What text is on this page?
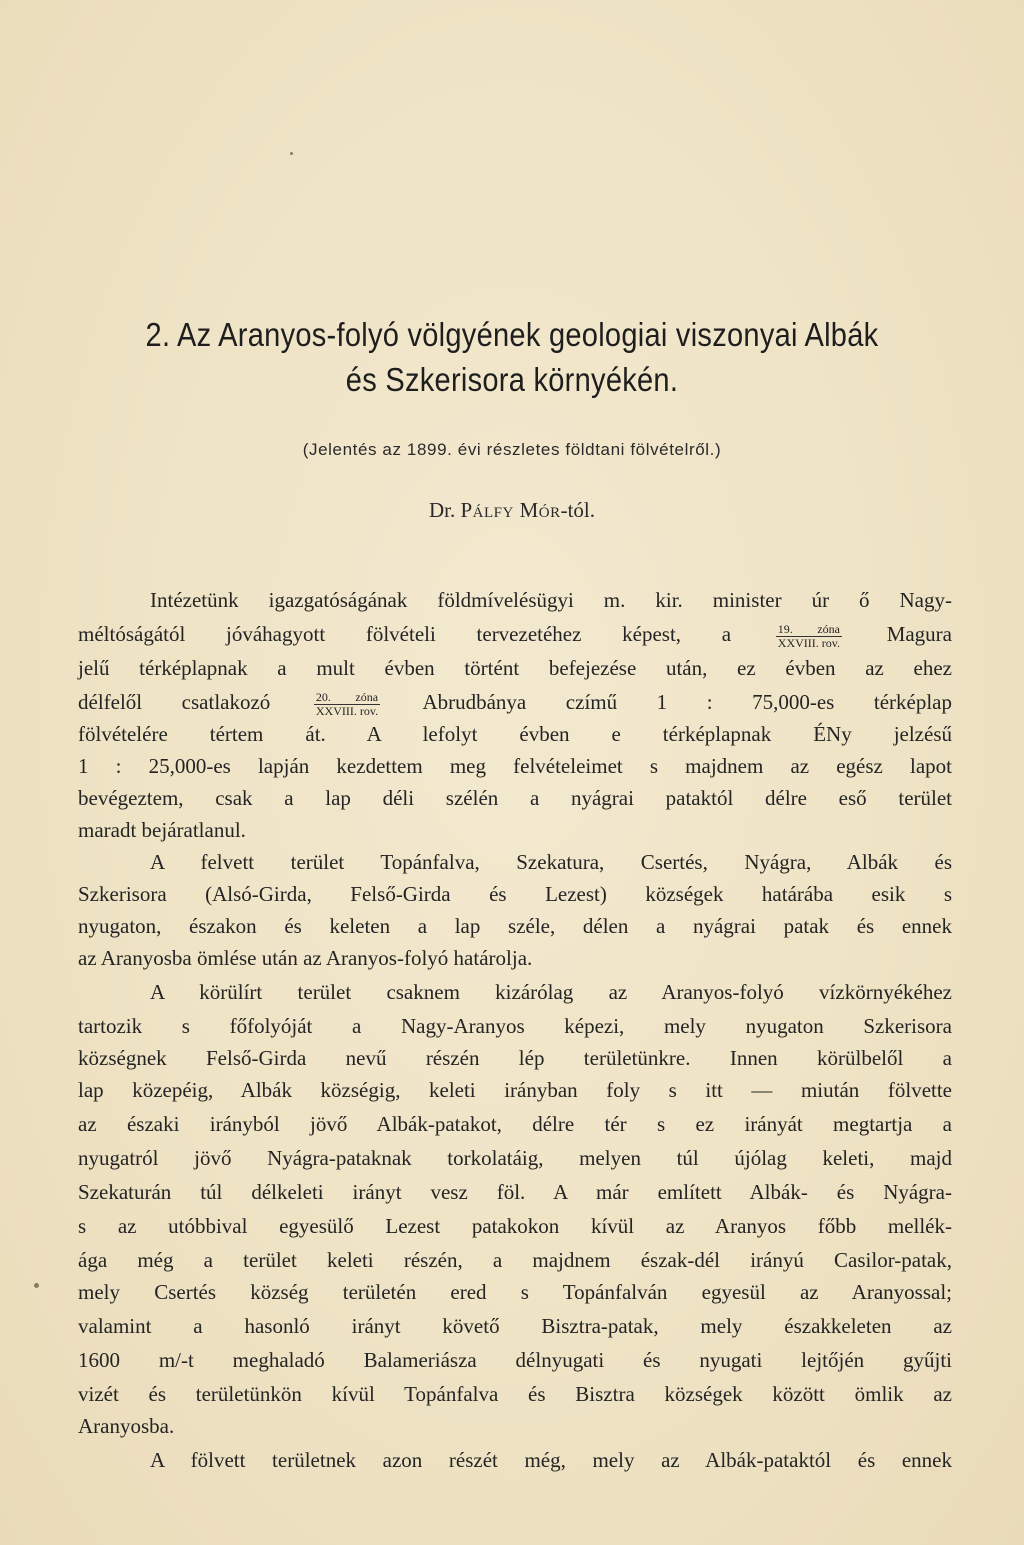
2. Az Aranyos-folyó völgyének geologiai viszonyai Albák
és Szkerisora környékén.
(Jelentés az 1899. évi részletes földtani fölvételről.)
Dr. Pálfy Mór-tól.
Intézetünk igazgatóságának földmívelésügyi m. kir. minister úr ő Nagy-
méltóságától jóváhagyott fölvételi tervezetéhez képest, a	$\frac{\text{19. zóna}}{\text{XXVIII. rov.}}$ Magura
jelű térképlapnak a mult évben történt befejezése után, ez évben az ehez
délfelől csatlakozó	$\frac{\text{20. zóna}}{\text{XXVIII. rov.}}$ Abrudbánya czímű 1 : 75,000-es térképlap
fölvételére tértem át. A lefolyt évben e térképlapnak ÉNy jelzésű
1 : 25,000-es lapján kezdettem meg felvételeimet s majdnem az egész lapot
bevégeztem, csak a lap déli szélén a nyágrai pataktól délre eső terület
maradt bejáratlanul.
A felvett terület Topánfalva, Szekatura, Csertés, Nyágra, Albák és
Szkerisora (Alsó-Girda, Felső-Girda és Lezest) községek határába esik s
nyugaton, északon és keleten a lap széle, délen a nyágrai patak és ennek
az Aranyosba ömlése után az Aranyos-folyó határolja.
A körülírt terület csaknem kizárólag az Aranyos-folyó vízkörnyékéhez
tartozik s főfolyóját a Nagy-Aranyos képezi, mely nyugaton Szkerisora
községnek Felső-Girda nevű részén lép területünkre. Innen körülbelől a
lap közepéig, Albák községig, keleti irányban foly s itt — miután fölvette
az északi irányból jövő Albák-patakot, délre tér s ez irányát megtartja a
nyugatról jövő Nyágra-pataknak torkolatáig, melyen túl újólag keleti, majd
Szekaturán túl délkeleti irányt vesz föl. A már említett Albák- és Nyágra-
s az utóbbival egyesülő Lezest patakokon kívül az Aranyos főbb mellék-
ága még a terület keleti részén, a majdnem észak-dél irányú Casilor-patak,
mely Csertés község területén ered s Topánfalván egyesül az Aranyossal;
valamint a hasonló irányt követő Bisztra-patak, mely északkeleten az
1600 m/-t meghaladó Balameriásza délnyugati és nyugati lejtőjén gyűjti
vizét és területünkön kívül Topánfalva és Bisztra községek között ömlik az
Aranyosba.
A fölvett területnek azon részét még, mely az Albák-pataktól és ennek
